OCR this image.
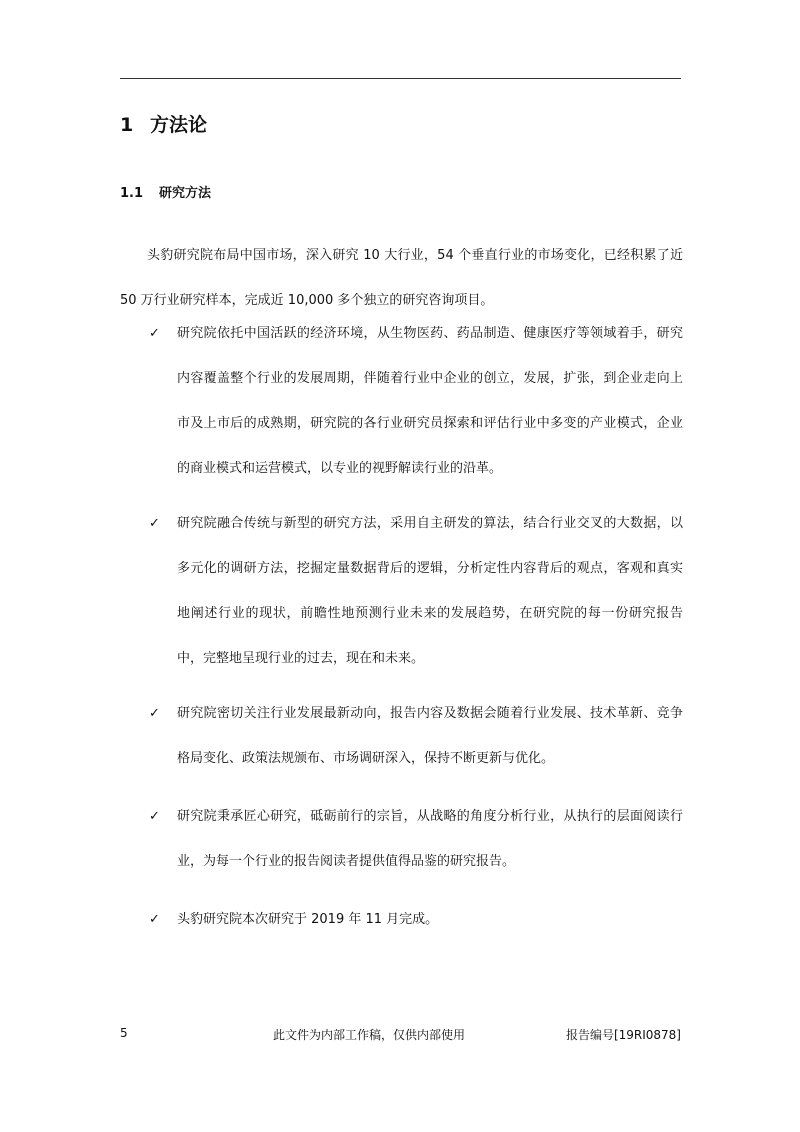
1 方法论
1.1 研究方法

头豹研究院布局中国市场，深入研究 10 大行业，54 个垂直行业的市场变化，已经积累了近 50 万行业研究样本，完成近 10,000 多个独立的研究咨询项目。

✓ 研究院依托中国活跃的经济环境，从生物医药、药品制造、健康医疗等领域着手，研究内容覆盖整个行业的发展周期，伴随着行业中企业的创立，发展，扩张，到企业走向上市及上市后的成熟期，研究院的各行业研究员探索和评估行业中多变的产业模式，企业的商业模式和运营模式，以专业的视野解读行业的沿革。
✓ 研究院融合传统与新型的研究方法，采用自主研发的算法，结合行业交叉的大数据，以多元化的调研方法，挖掘定量数据背后的逻辑，分析定性内容背后的观点，客观和真实地阐述行业的现状，前瞻性地预测行业未来的发展趋势，在研究院的每一份研究报告中，完整地呈现行业的过去，现在和未来。
✓ 研究院密切关注行业发展最新动向，报告内容及数据会随着行业发展、技术革新、竞争格局变化、政策法规颁布、市场调研深入，保持不断更新与优化。
✓ 研究院秉承匠心研究，砥砺前行的宗旨，从战略的角度分析行业，从执行的层面阅读行业，为每一个行业的报告阅读者提供值得品鉴的研究报告。
✓ 头豹研究院本次研究于 2019 年 11 月完成。
5	此文件为内部工作稿，仅供内部使用	报告编号[19RI0878]
